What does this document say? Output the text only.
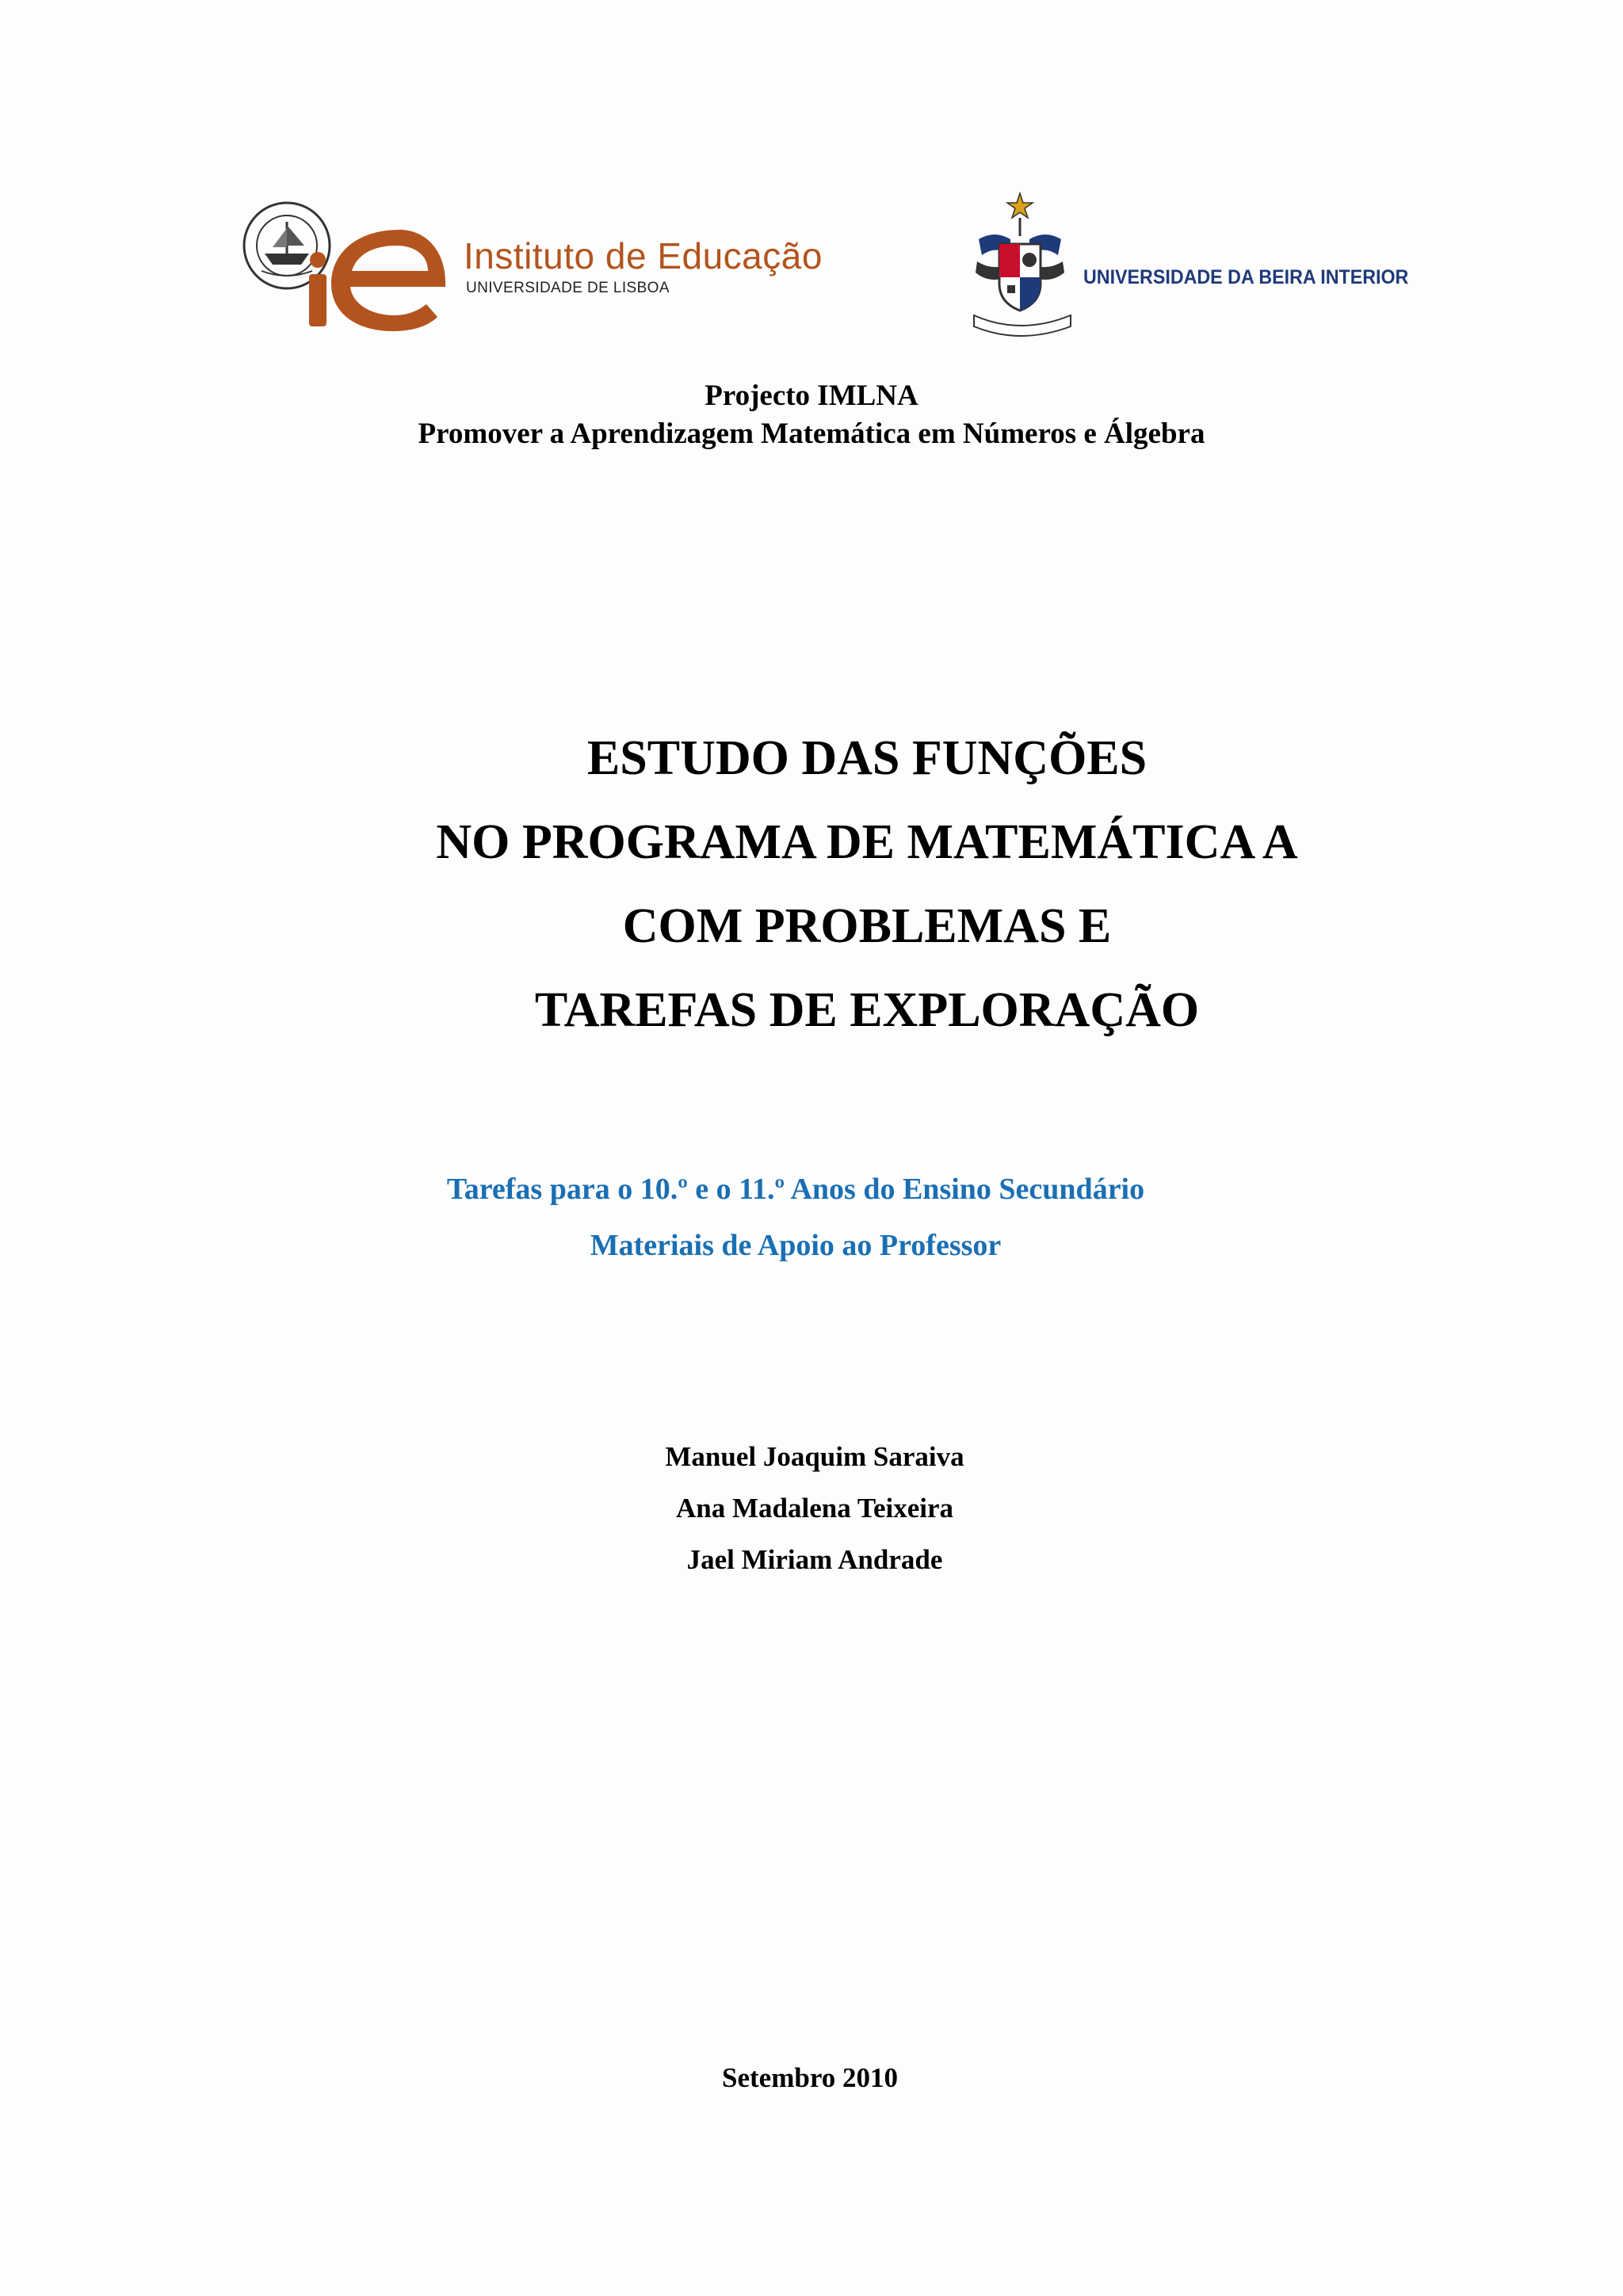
Instituto de Educação
UNIVERSIDADE DE LISBOA	UNIVERSIDADE DA BEIRA INTERIOR
Projecto IMLNA
Promover a Aprendizagem Matemática em Números e Álgebra
ESTUDO DAS FUNÇÕES
NO PROGRAMA DE MATEMÁTICA A
COM PROBLEMAS E
TAREFAS DE EXPLORAÇÃO
Tarefas para o 10.º e o 11.º Anos do Ensino Secundário
Materiais de Apoio ao Professor
Manuel Joaquim Saraiva
Ana Madalena Teixeira
Jael Miriam Andrade
Setembro 2010
